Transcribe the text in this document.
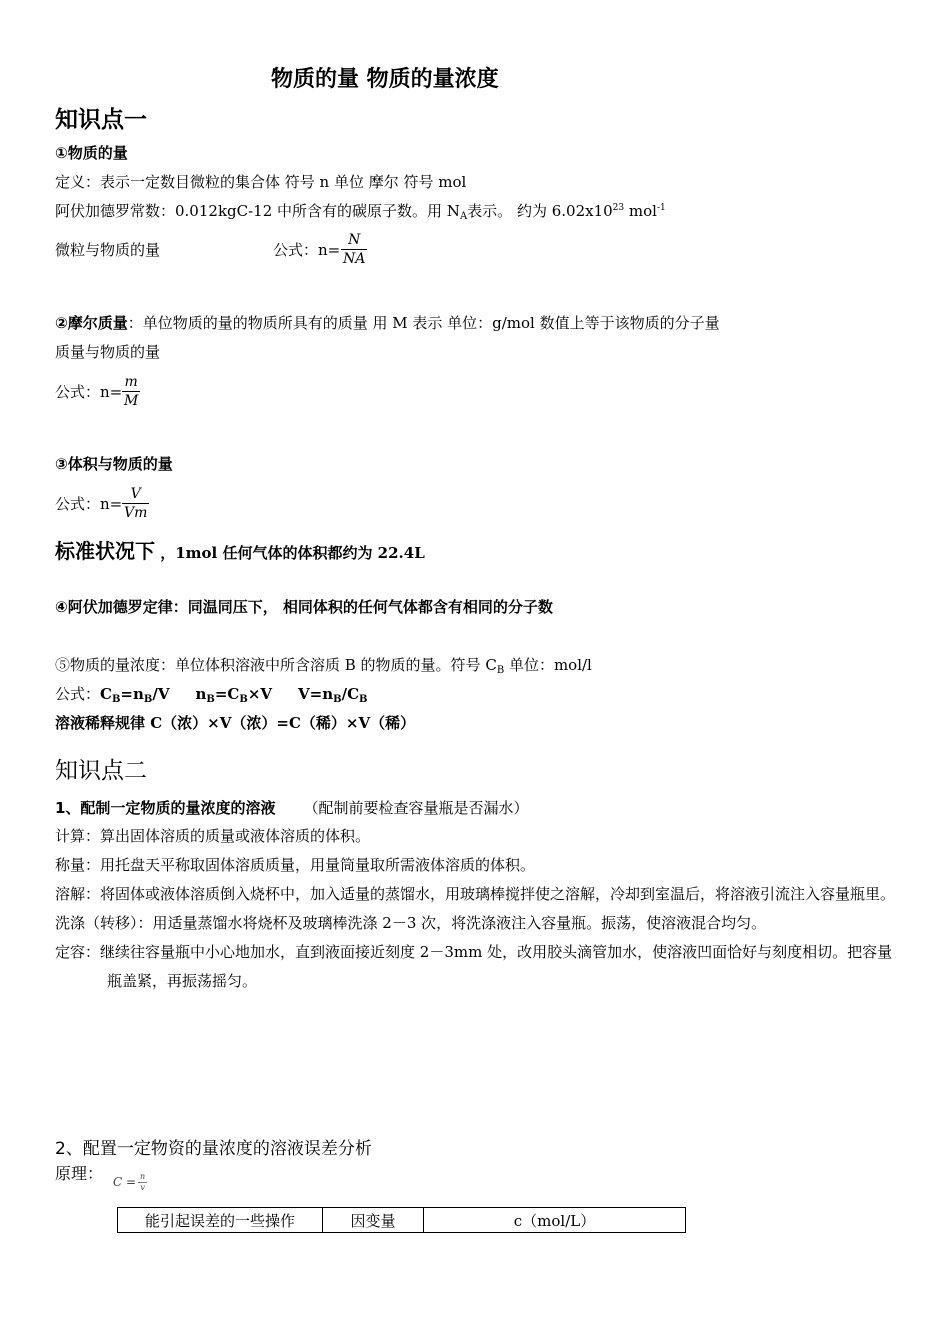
物质的量 物质的量浓度
知识点一
①物质的量
定义：表示一定数目微粒的集合体 符号 n 单位 摩尔 符号 mol
阿伏加德罗常数：0.012kgC-12 中所含有的碳原子数。用 $N_A$表示。 约为 $6.02x10^{23}$ mol$^{-1}$
微粒与物质的量	公式：n=
N
NA
②摩尔质量：单位物质的量的物质所具有的质量 用 M 表示 单位：g/mol 数值上等于该物质的分子量
质量与物质的量
公式：n=
m
M
③体积与物质的量
公式：n=
V
Vm
标准状况下 ，1mol 任何气体的体积都约为 22.4L
④阿伏加德罗定律：同温同压下， 相同体积的任何气体都含有相同的分子数
⑤物质的量浓度：单位体积溶液中所含溶质 B 的物质的量。符号 $C_B$ 单位：mol/l
公式：$C_B=n_B/V$ $n_B=C_B\times V$ $V=n_B/C_B$
溶液稀释规律 C（浓）×V（浓）=C（稀）×V（稀）
知识点二
1、配制一定物质的量浓度的溶液 （配制前要检查容量瓶是否漏水）
计算：算出固体溶质的质量或液体溶质的体积。
称量：用托盘天平称取固体溶质质量，用量筒量取所需液体溶质的体积。
溶解：将固体或液体溶质倒入烧杯中，加入适量的蒸馏水，用玻璃棒搅拌使之溶解，冷却到室温后，将溶液引流注入容量瓶里。
洗涤（转移）：用适量蒸馏水将烧杯及玻璃棒洗涤 2－3 次，将洗涤液注入容量瓶。振荡，使溶液混合均匀。
定容：继续往容量瓶中小心地加水，直到液面接近刻度 2－3mm 处，改用胶头滴管加水，使溶液凹面恰好与刻度相切。把容量瓶盖紧，再振荡摇匀。
2、配置一定物资的量浓度的溶液误差分析
原理： C = n
v
能引起误差的一些操作	因变量	c（mol/L）
